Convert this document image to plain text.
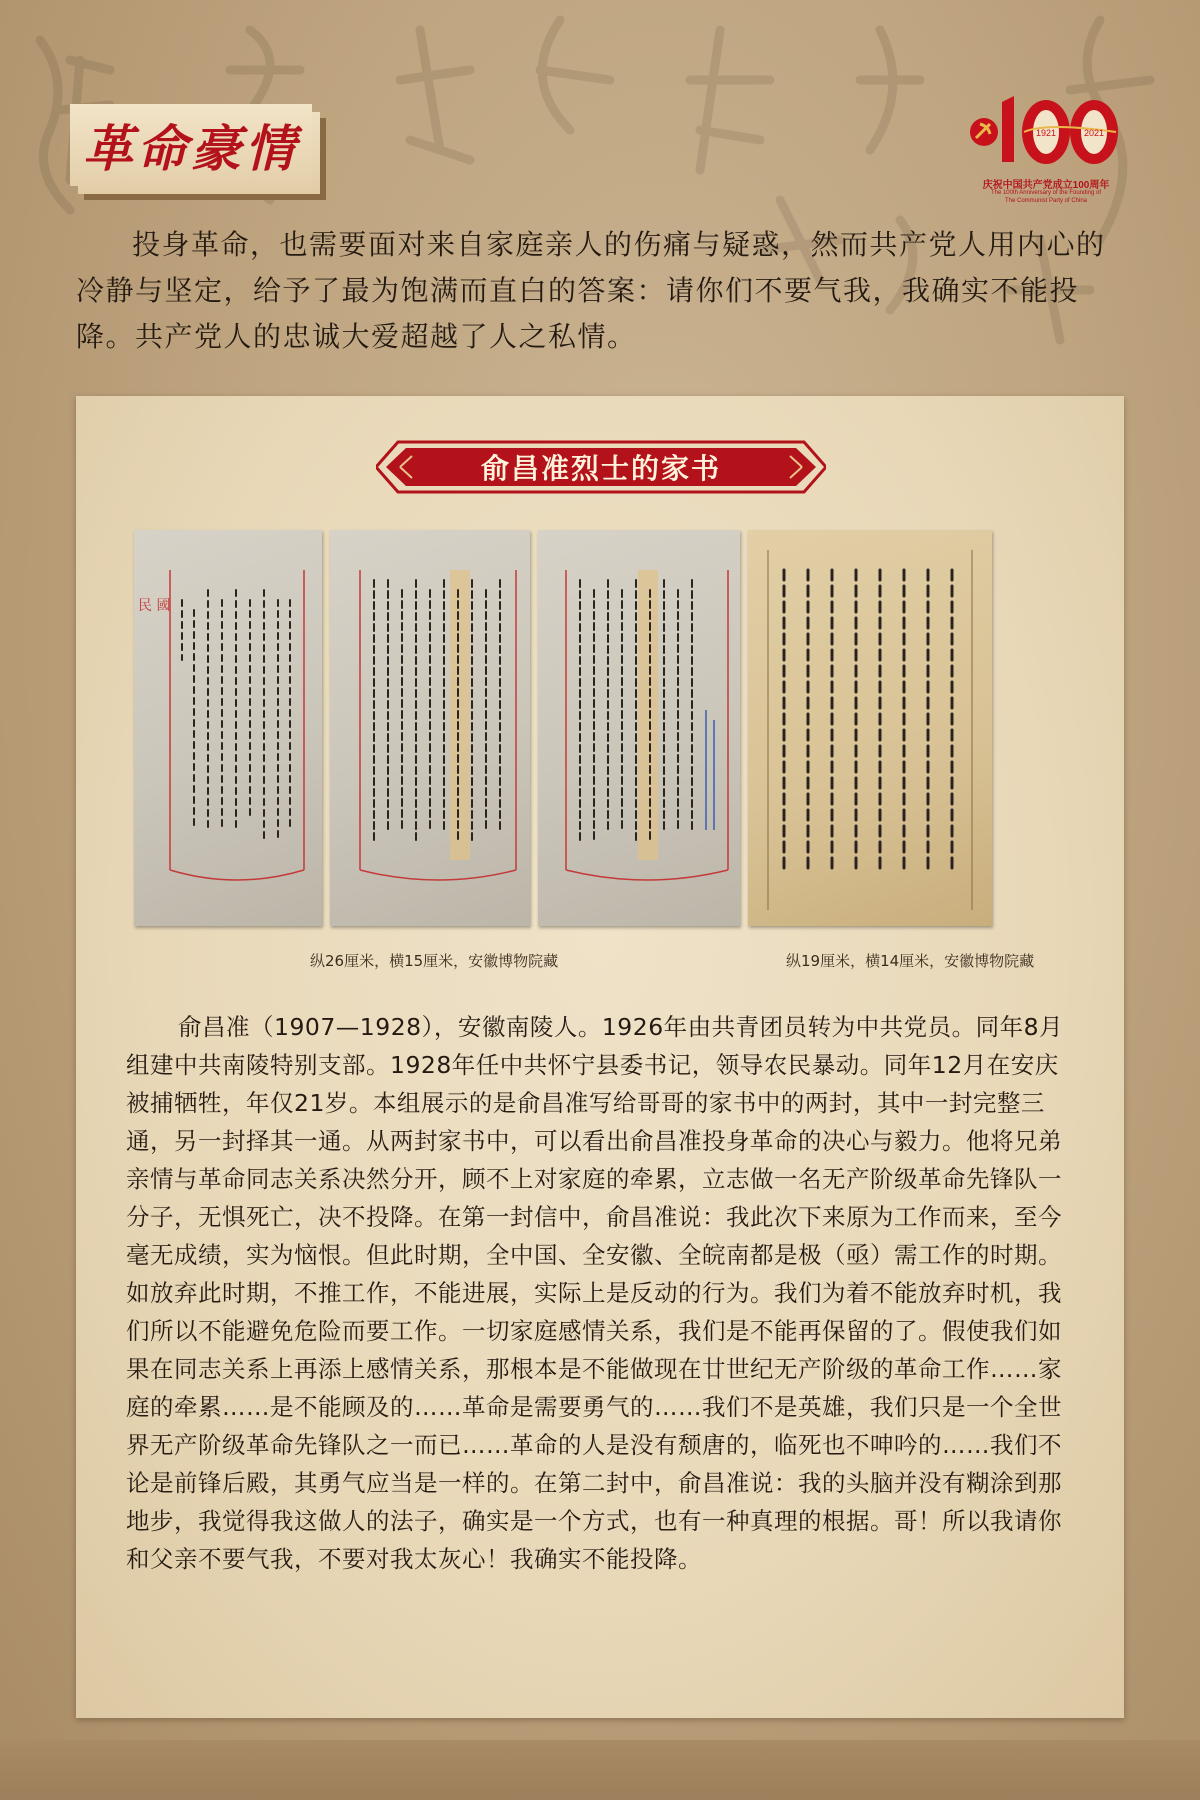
革命豪情	1921	2021
庆祝中国共产党成立100周年
The 100th Anniversary of the Founding of
The Communist Party of China

投身革命，也需要面对来自家庭亲人的伤痛与疑惑，然而共产党人用内心的冷静与坚定，给予了最为饱满而直白的答案：请你们不要气我，我确实不能投降。共产党人的忠诚大爱超越了人之私情。

俞昌准烈士的家书
民 國
纵26厘米，横15厘米，安徽博物院藏	纵19厘米，横14厘米，安徽博物院藏

俞昌准（1907—1928），安徽南陵人。1926年由共青团员转为中共党员。同年8月组建中共南陵特别支部。1928年任中共怀宁县委书记，领导农民暴动。同年12月在安庆被捕牺牲，年仅21岁。本组展示的是俞昌准写给哥哥的家书中的两封，其中一封完整三通，另一封择其一通。从两封家书中，可以看出俞昌准投身革命的决心与毅力。他将兄弟亲情与革命同志关系决然分开，顾不上对家庭的牵累，立志做一名无产阶级革命先锋队一分子，无惧死亡，决不投降。在第一封信中，俞昌准说：我此次下来原为工作而来，至今毫无成绩，实为恼恨。但此时期，全中国、全安徽、全皖南都是极（亟）需工作的时期。如放弃此时期，不推工作，不能进展，实际上是反动的行为。我们为着不能放弃时机，我们所以不能避免危险而要工作。一切家庭感情关系，我们是不能再保留的了。假使我们如果在同志关系上再添上感情关系，那根本是不能做现在廿世纪无产阶级的革命工作……家庭的牵累……是不能顾及的……革命是需要勇气的……我们不是英雄，我们只是一个全世界无产阶级革命先锋队之一而已……革命的人是没有颓唐的，临死也不呻吟的……我们不论是前锋后殿，其勇气应当是一样的。在第二封中，俞昌准说：我的头脑并没有糊涂到那地步，我觉得我这做人的法子，确实是一个方式，也有一种真理的根据。哥！所以我请你和父亲不要气我，不要对我太灰心！我确实不能投降。
